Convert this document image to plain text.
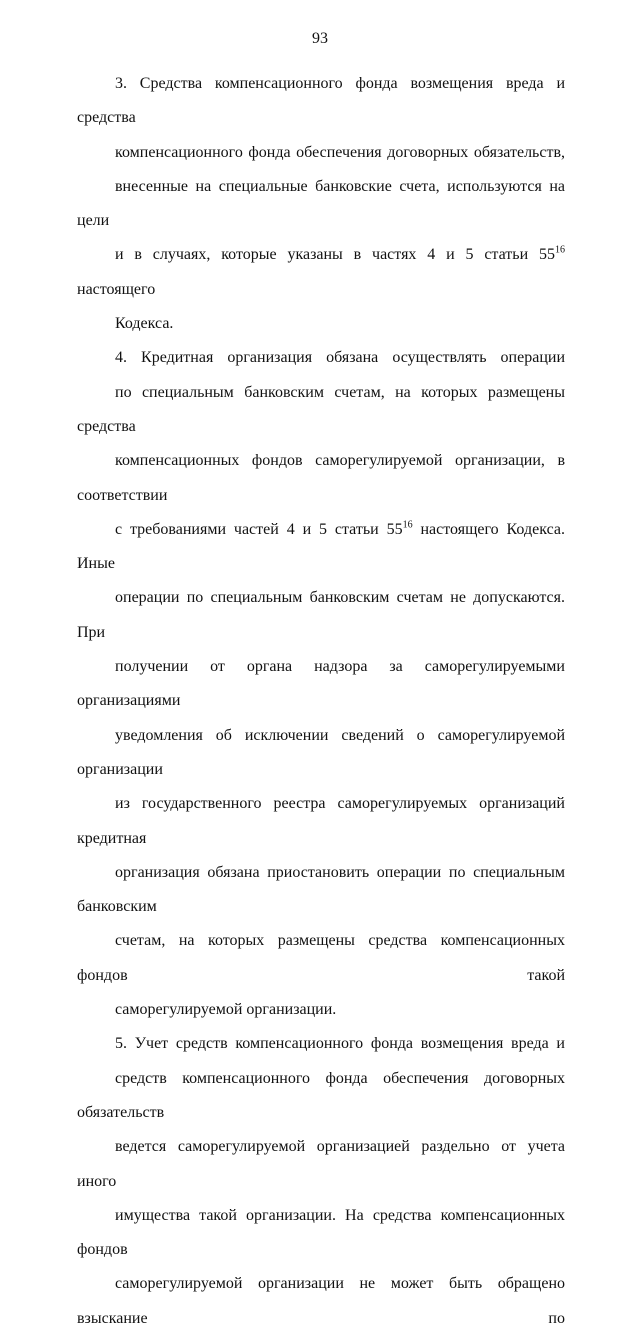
93
3. Средства компенсационного фонда возмещения вреда и средства
компенсационного фонда обеспечения договорных обязательств,
внесенные на специальные банковские счета, используются на цели
и в случаях, которые указаны в частях 4 и 5 статьи $55^{16}$ настоящего
Кодекса.
4. Кредитная организация обязана осуществлять операции
по специальным банковским счетам, на которых размещены средства
компенсационных фондов саморегулируемой организации, в соответствии
с требованиями частей 4 и 5 статьи $55^{16}$ настоящего Кодекса. Иные
операции по специальным банковским счетам не допускаются. При
получении от органа надзора за саморегулируемыми организациями
уведомления об исключении сведений о саморегулируемой организации
из государственного реестра саморегулируемых организаций кредитная
организация обязана приостановить операции по специальным банковским
счетам, на которых размещены средства компенсационных фондов такой
саморегулируемой организации.
5. Учет средств компенсационного фонда возмещения вреда и
средств компенсационного фонда обеспечения договорных обязательств
ведется саморегулируемой организацией раздельно от учета иного
имущества такой организации. На средства компенсационных фондов
саморегулируемой организации не может быть обращено взыскание по
